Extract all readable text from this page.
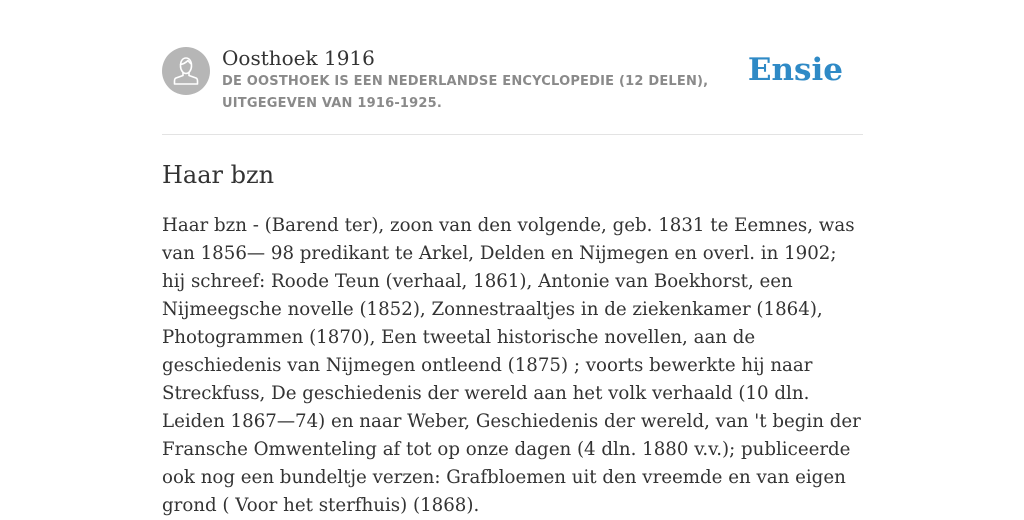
Oosthoek 1916
DE OOSTHOEK IS EEN NEDERLANDSE ENCYCLOPEDIE (12 DELEN), UITGEGEVEN VAN 1916-1925.
Ensie
Haar bzn

Haar bzn - (Barend ter), zoon van den volgende, geb. 1831 te Eemnes, was van 1856— 98 predikant te Arkel, Delden en Nijmegen en overl. in 1902; hij schreef: Roode Teun (verhaal, 1861), Antonie van Boekhorst, een Nijmeegsche novelle (1852), Zonnestraaltjes in de ziekenkamer (1864), Photogrammen (1870), Een tweetal historische novellen, aan de geschiedenis van Nijmegen ontleend (1875) ; voorts bewerkte hij naar Streckfuss, De geschiedenis der wereld aan het volk verhaald (10 dln. Leiden 1867—74) en naar Weber, Geschiedenis der wereld, van 't begin der Fransche Omwenteling af tot op onze dagen (4 dln. 1880 v.v.); publiceerde ook nog een bundeltje verzen: Grafbloemen uit den vreemde en van eigen grond ( Voor het sterfhuis) (1868).
